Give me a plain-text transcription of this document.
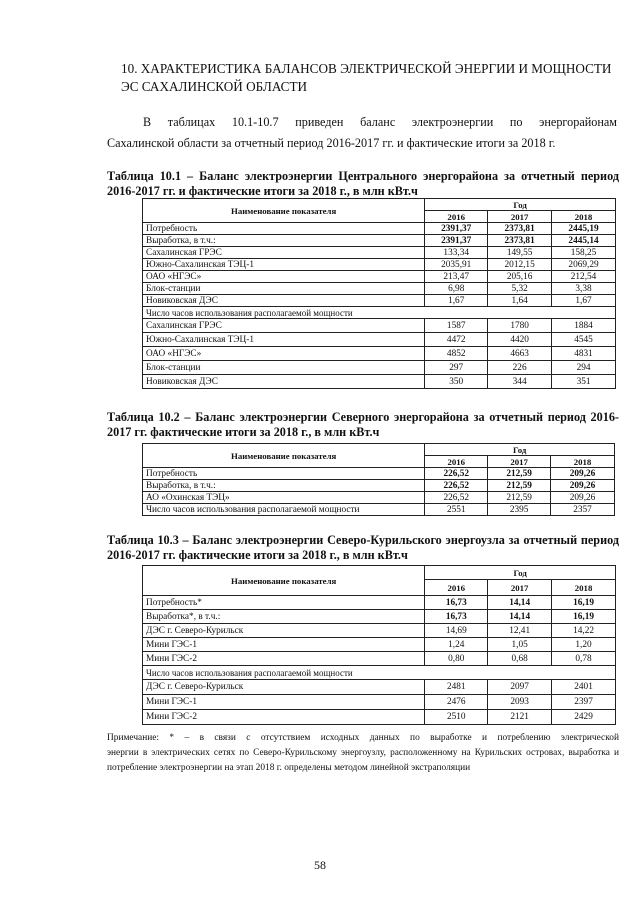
10. ХАРАКТЕРИСТИКА БАЛАНСОВ ЭЛЕКТРИЧЕСКОЙ ЭНЕРГИИ И МОЩНОСТИ ЭС САХАЛИНСКОЙ ОБЛАСТИ
В таблицах 10.1-10.7 приведен баланс электроэнергии по энергорайонам
Сахалинской области за отчетный период 2016-2017 гг. и фактические итоги за 2018 г.
Таблица 10.1 – Баланс электроэнергии Центрального энергорайона за отчетный период 2016-2017 гг. и фактические итоги за 2018 г., в млн кВт.ч
Наименование показателя	Год		
	2016	2017	2018
Потребность	2391,37	2373,81	2445,19
Выработка, в т.ч.:	2391,37	2373,81	2445,14
Сахалинская ГРЭС	133,34	149,55	158,25
Южно-Сахалинская ТЭЦ-1	2035,91	2012,15	2069,29
ОАО «НГЭС»	213,47	205,16	212,54
Блок-станции	6,98	5,32	3,38
Новиковская ДЭС	1,67	1,64	1,67
Число часов использования располагаемой мощности			
Сахалинская ГРЭС	1587	1780	1884
Южно-Сахалинская ТЭЦ-1	4472	4420	4545
ОАО «НГЭС»	4852	4663	4831
Блок-станции	297	226	294
Новиковская ДЭС	350	344	351
Таблица 10.2 – Баланс электроэнергии Северного энергорайона за отчетный период 2016-2017 гг. фактические итоги за 2018 г., в млн кВт.ч
Наименование показателя	Год		
	2016	2017	2018
Потребность	226,52	212,59	209,26
Выработка, в т.ч.:	226,52	212,59	209,26
АО «Охинская ТЭЦ»	226,52	212,59	209,26
Число часов использования располагаемой мощности	2551	2395	2357
Таблица 10.3 – Баланс электроэнергии Северо-Курильского энергоузла за отчетный период 2016-2017 гг. фактические итоги за 2018 г., в млн кВт.ч
Наименование показателя	Год		
	2016	2017	2018
Потребность*	16,73	14,14	16,19
Выработка*, в т.ч.:	16,73	14,14	16,19
ДЭС г. Северо-Курильск	14,69	12,41	14,22
Мини ГЭС-1	1,24	1,05	1,20
Мини ГЭС-2	0,80	0,68	0,78
Число часов использования располагаемой мощности			
ДЭС г. Северо-Курильск	2481	2097	2401
Мини ГЭС-1	2476	2093	2397
Мини ГЭС-2	2510	2121	2429
Примечание: * – в связи с отсутствием исходных данных по выработке и потреблению электрической
энергии в электрических сетях по Северо-Курильскому энергоузлу, расположенному на Курильских островах, выработка и потребление электроэнергии на этап 2018 г. определены методом линейной экстраполяции
58
